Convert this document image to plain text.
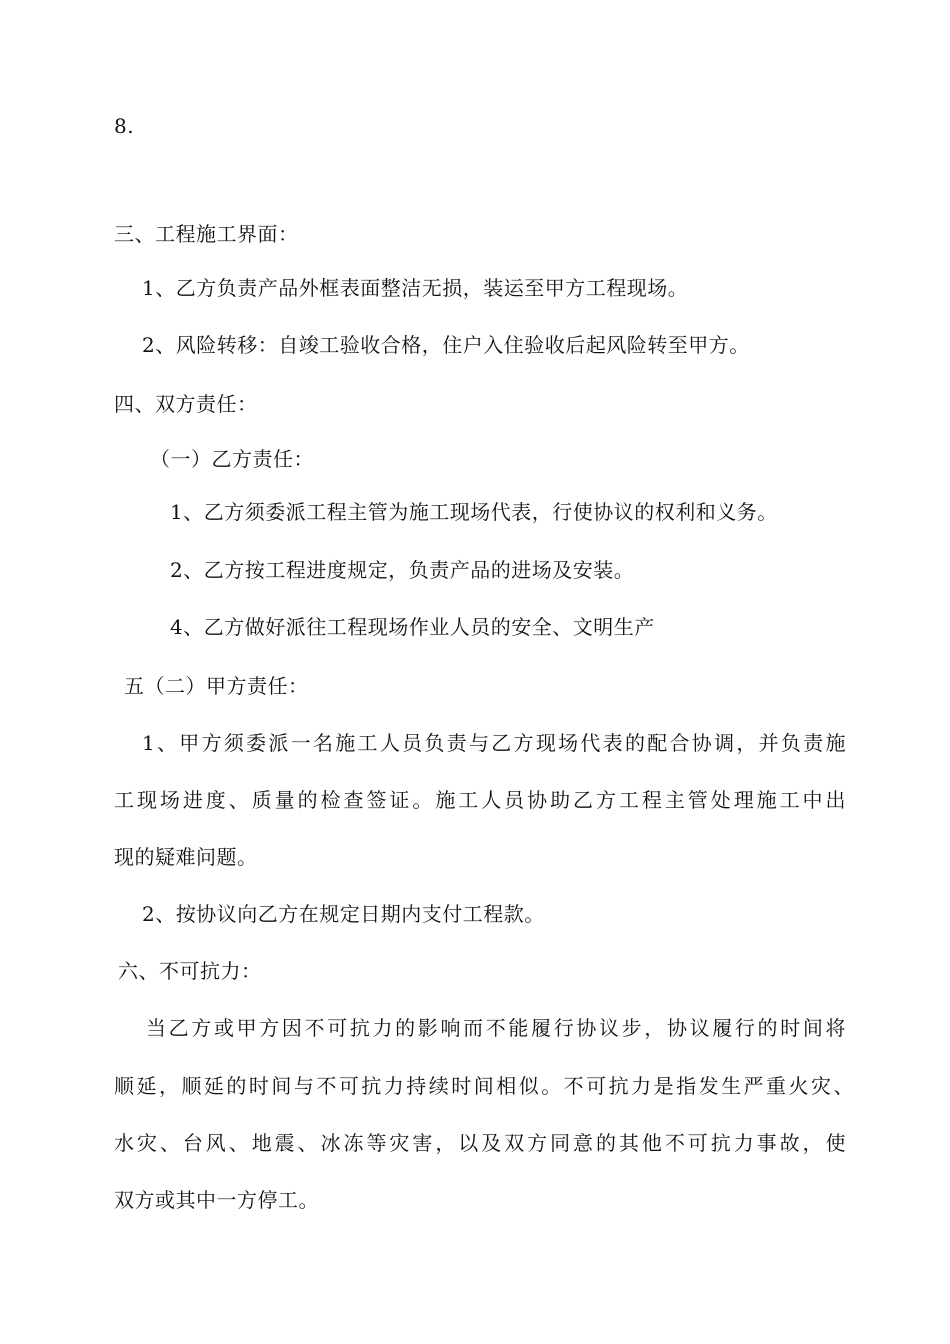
8.
三、工程施工界面：
1、乙方负责产品外框表面整洁无损，装运至甲方工程现场。
2、风险转移：自竣工验收合格，住户入住验收后起风险转至甲方。
四、双方责任：
（一）乙方责任：
1、乙方须委派工程主管为施工现场代表，行使协议的权利和义务。
2、乙方按工程进度规定，负责产品的进场及安装。
4、乙方做好派往工程现场作业人员的安全、文明生产
五（二）甲方责任：
1、甲方须委派一名施工人员负责与乙方现场代表的配合协调，并负责施
工现场进度、质量的检查签证。施工人员协助乙方工程主管处理施工中出
现的疑难问题。
2、按协议向乙方在规定日期内支付工程款。
六、不可抗力：
当乙方或甲方因不可抗力的影响而不能履行协议步，协议履行的时间将
顺延，顺延的时间与不可抗力持续时间相似。不可抗力是指发生严重火灾、
水灾、台风、地震、冰冻等灾害，以及双方同意的其他不可抗力事故，使
双方或其中一方停工。
